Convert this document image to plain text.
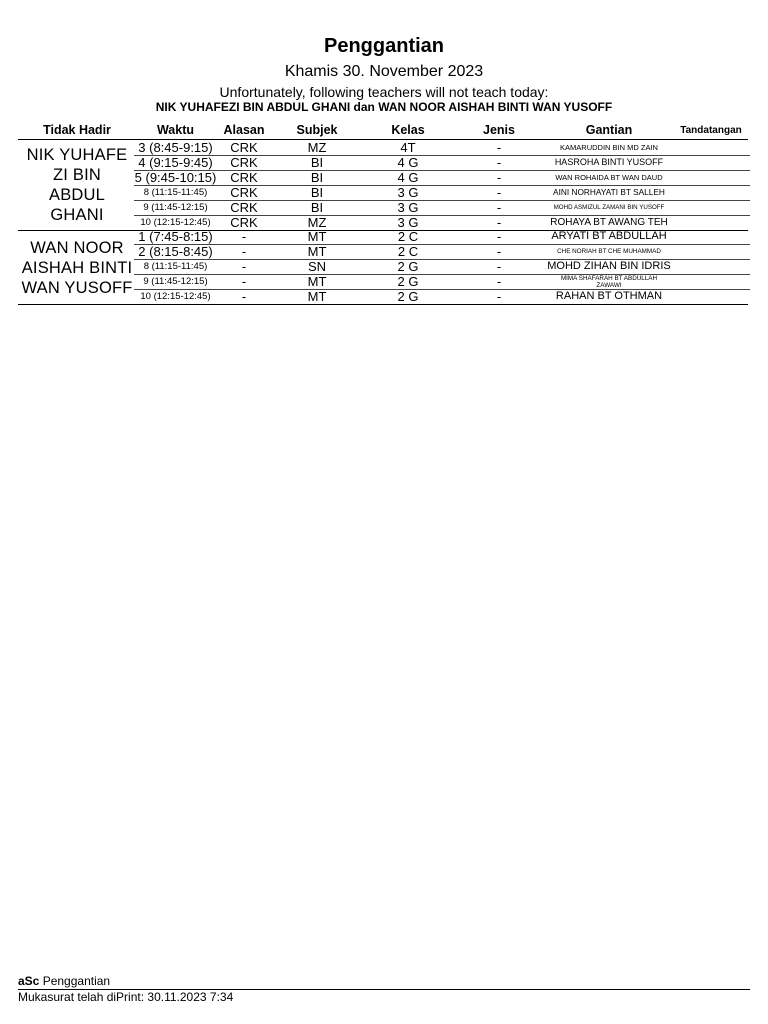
Penggantian
Khamis 30. November 2023
Unfortunately, following teachers will not teach today:
NIK YUHAFEZI BIN ABDUL GHANI dan WAN NOOR AISHAH BINTI WAN YUSOFF
Tidak Hadir	Waktu	Alasan	Subjek	Kelas	Jenis	Gantian	Tandatangan
NIK YUHAFE
ZI BIN
ABDUL
GHANI
3 (8:45-9:15)	CRK	MZ	4T	-	KAMARUDDIN BIN MD ZAIN
4 (9:15-9:45)	CRK	BI	4 G	-	HASROHA BINTI YUSOFF
5 (9:45-10:15)	CRK	BI	4 G	-	WAN ROHAIDA BT WAN DAUD
8 (11:15-11:45)	CRK	BI	3 G	-	AINI NORHAYATI BT SALLEH
9 (11:45-12:15)	CRK	BI	3 G	-	MOHD ASMIZUL ZAMANI BIN YUSOFF
10 (12:15-12:45)	CRK	MZ	3 G	-	ROHAYA BT AWANG TEH
WAN NOOR
AISHAH BINTI
WAN YUSOFF
1 (7:45-8:15)	-	MT	2 C	-	ARYATI BT ABDULLAH
2 (8:15-8:45)	-	MT	2 C	-	CHE NORIAH BT CHE MUHAMMAD
8 (11:15-11:45)	-	SN	2 G	-	MOHD ZIHAN BIN IDRIS
9 (11:45-12:15)	-	MT	2 G	-	MIMA SHAFARAH BT ABDULLAH ZAWAWI
10 (12:15-12:45)	-	MT	2 G	-	RAHAN BT OTHMAN
aSc Penggantian
Mukasurat telah diPrint: 30.11.2023 7:34
